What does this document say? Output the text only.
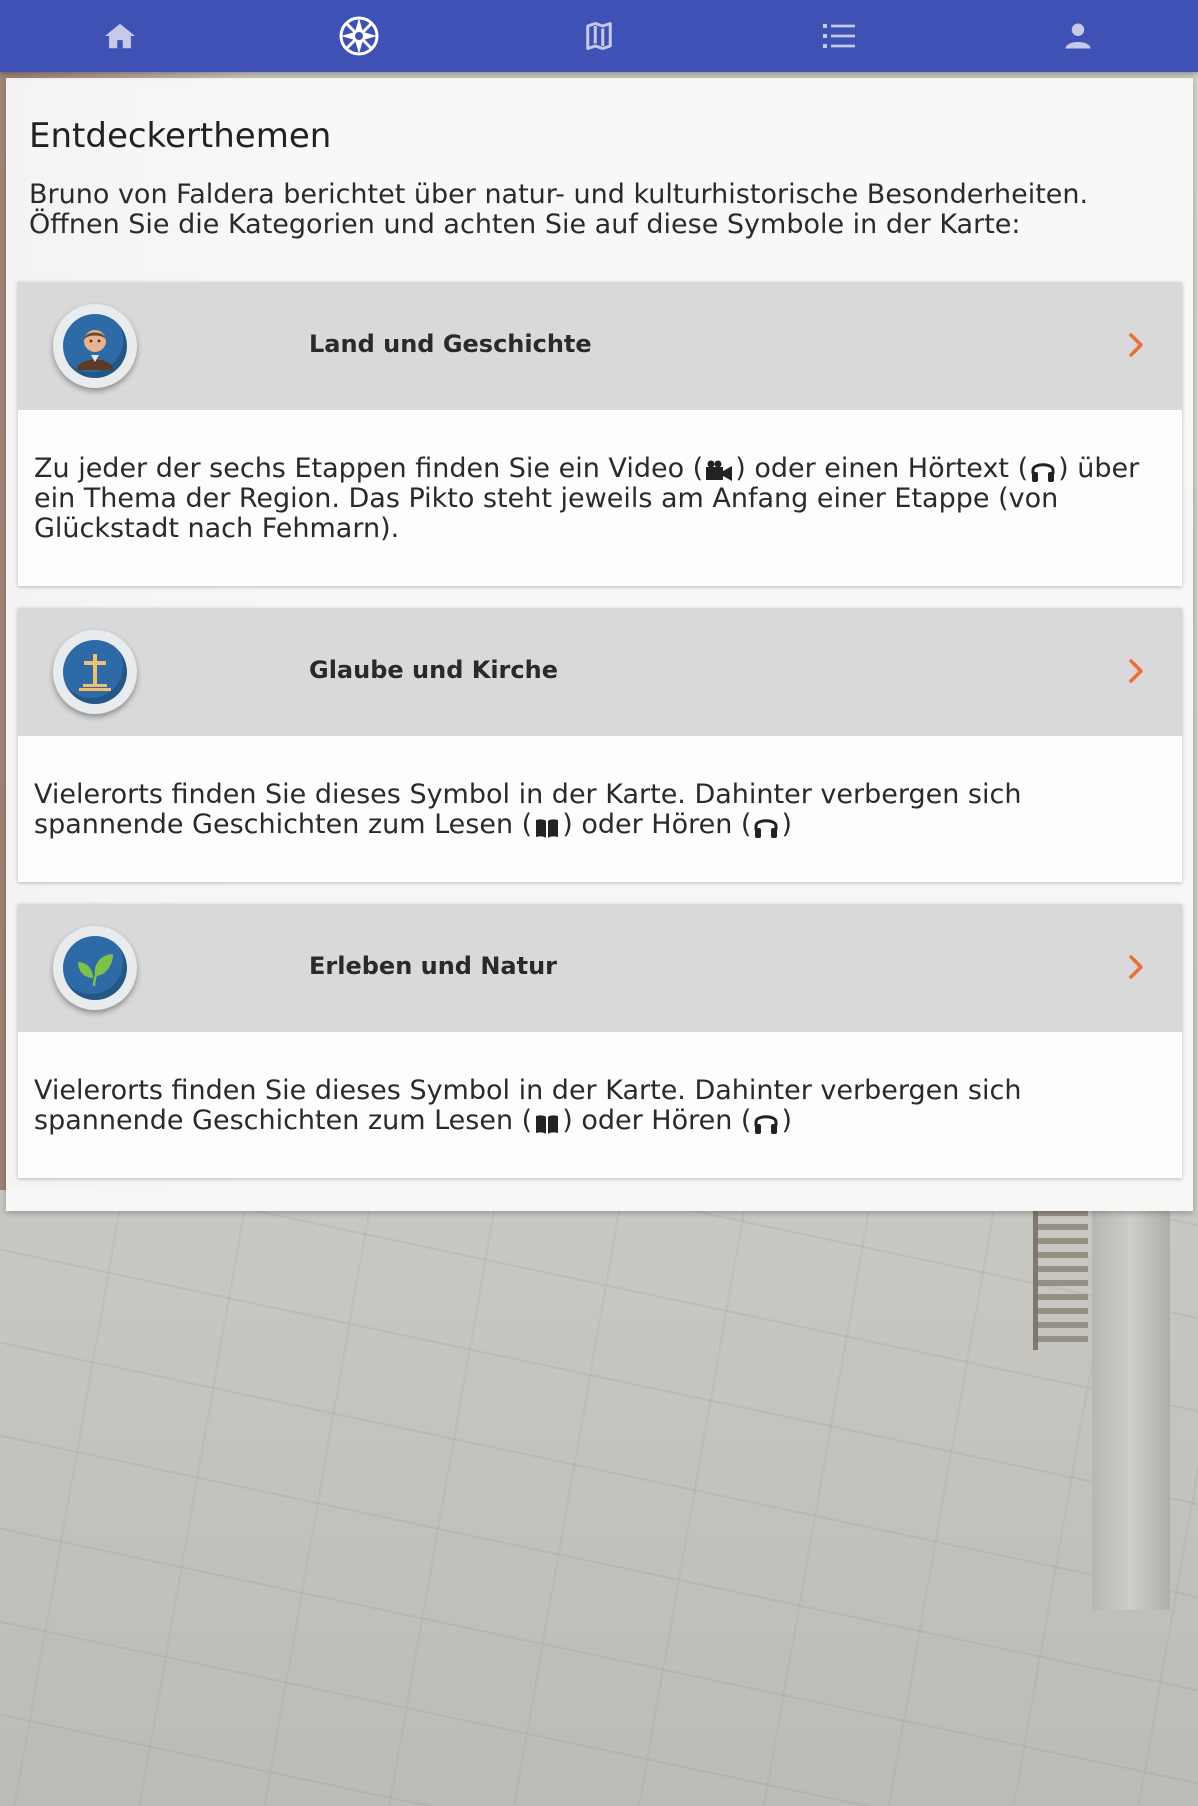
Entdeckerthemen

Bruno von Faldera berichtet über natur- und kulturhistorische Besonderheiten. Öffnen Sie die Kategorien und achten Sie auf diese Symbole in der Karte:

Land und Geschichte
Zu jeder der sechs Etappen finden Sie ein Video ( ) oder einen Hörtext ( ) über ein Thema der Region. Das Pikto steht jeweils am Anfang einer Etappe (von Glückstadt nach Fehmarn).
Glaube und Kirche
Vielerorts finden Sie dieses Symbol in der Karte. Dahinter verbergen sich spannende Geschichten zum Lesen ( ) oder Hören ( )
Erleben und Natur
Vielerorts finden Sie dieses Symbol in der Karte. Dahinter verbergen sich spannende Geschichten zum Lesen ( ) oder Hören ( )
